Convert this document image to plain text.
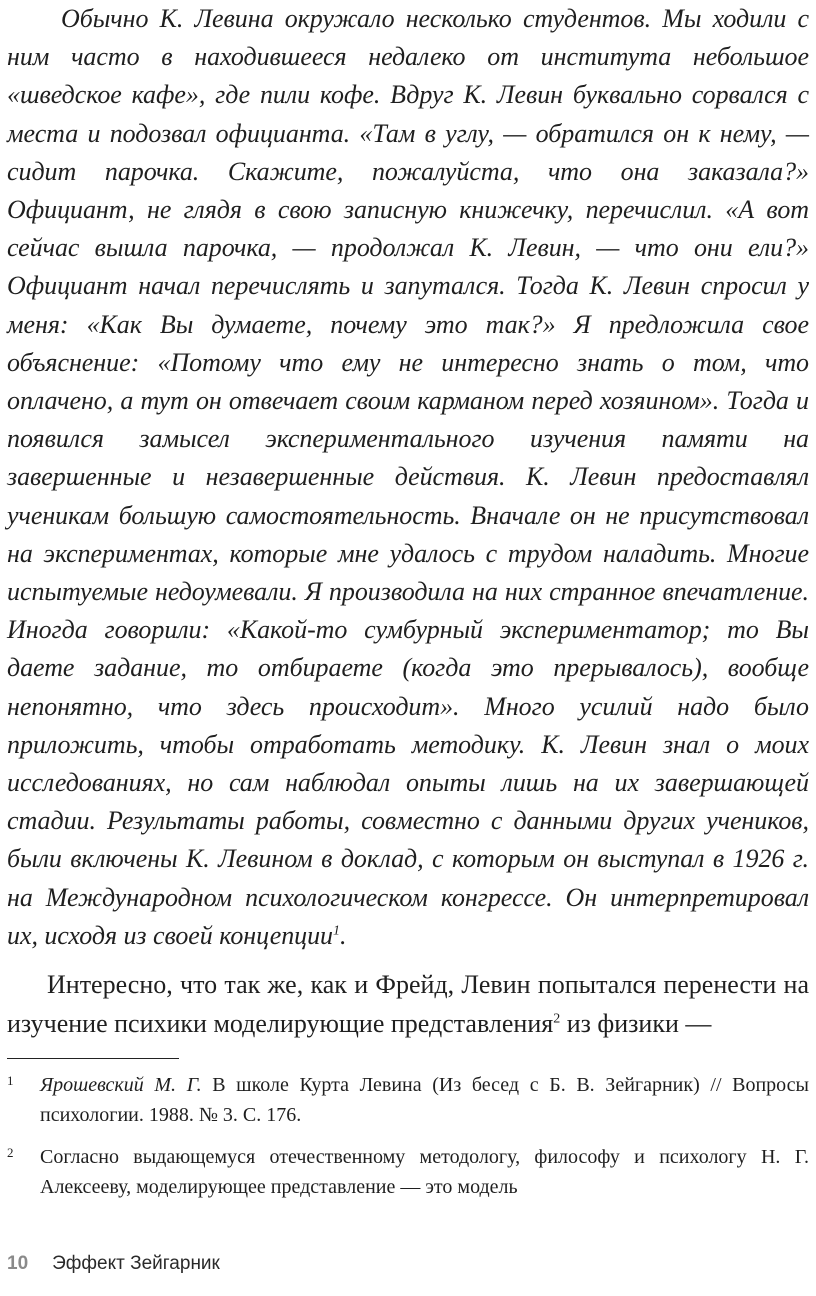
Обычно К. Левина окружало несколько студентов. Мы ходили с ним часто в находившееся недалеко от института небольшое «шведское кафе», где пили кофе. Вдруг К. Левин буквально сорвался с места и подозвал официанта. «Там в углу, — обратился он к нему, — сидит парочка. Скажите, пожалуйста, что она заказала?» Официант, не глядя в свою записную книжечку, перечислил. «А вот сейчас вышла парочка, — продолжал К. Левин, — что они ели?» Официант начал перечислять и запутался. Тогда К. Левин спросил у меня: «Как Вы думаете, почему это так?» Я предложила свое объяснение: «Потому что ему не интересно знать о том, что оплачено, а тут он отвечает своим карманом перед хозяином». Тогда и появился замысел экспериментального изучения памяти на завершенные и незавершенные действия. К. Левин предоставлял ученикам большую самостоятельность. Вначале он не присутствовал на экспериментах, которые мне удалось с трудом наладить. Многие испытуемые недоумевали. Я производила на них странное впечатление. Иногда говорили: «Какой-то сумбурный экспериментатор; то Вы даете задание, то отбираете (когда это прерывалось), вообще непонятно, что здесь происходит». Много усилий надо было приложить, чтобы отработать методику. К. Левин знал о моих исследованиях, но сам наблюдал опыты лишь на их завершающей стадии. Результаты работы, совместно с данными других учеников, были включены К. Левином в доклад, с которым он выступал в 1926 г. на Международном психологическом конгрессе. Он интерпретировал их, исходя из своей концепции$^1$.

Интересно, что так же, как и Фрейд, Левин попытался перенести на изучение психики моделирующие представления$^2$ из физики —

1 Ярошевский М. Г. В школе Курта Левина (Из бесед с Б. В. Зейгарник) // Вопросы психологии. 1988. № 3. С. 176.
2 Согласно выдающемуся отечественному методологу, философу и психологу Н. Г. Алексееву, моделирующее представление — это модель
10 Эффект Зейгарник
